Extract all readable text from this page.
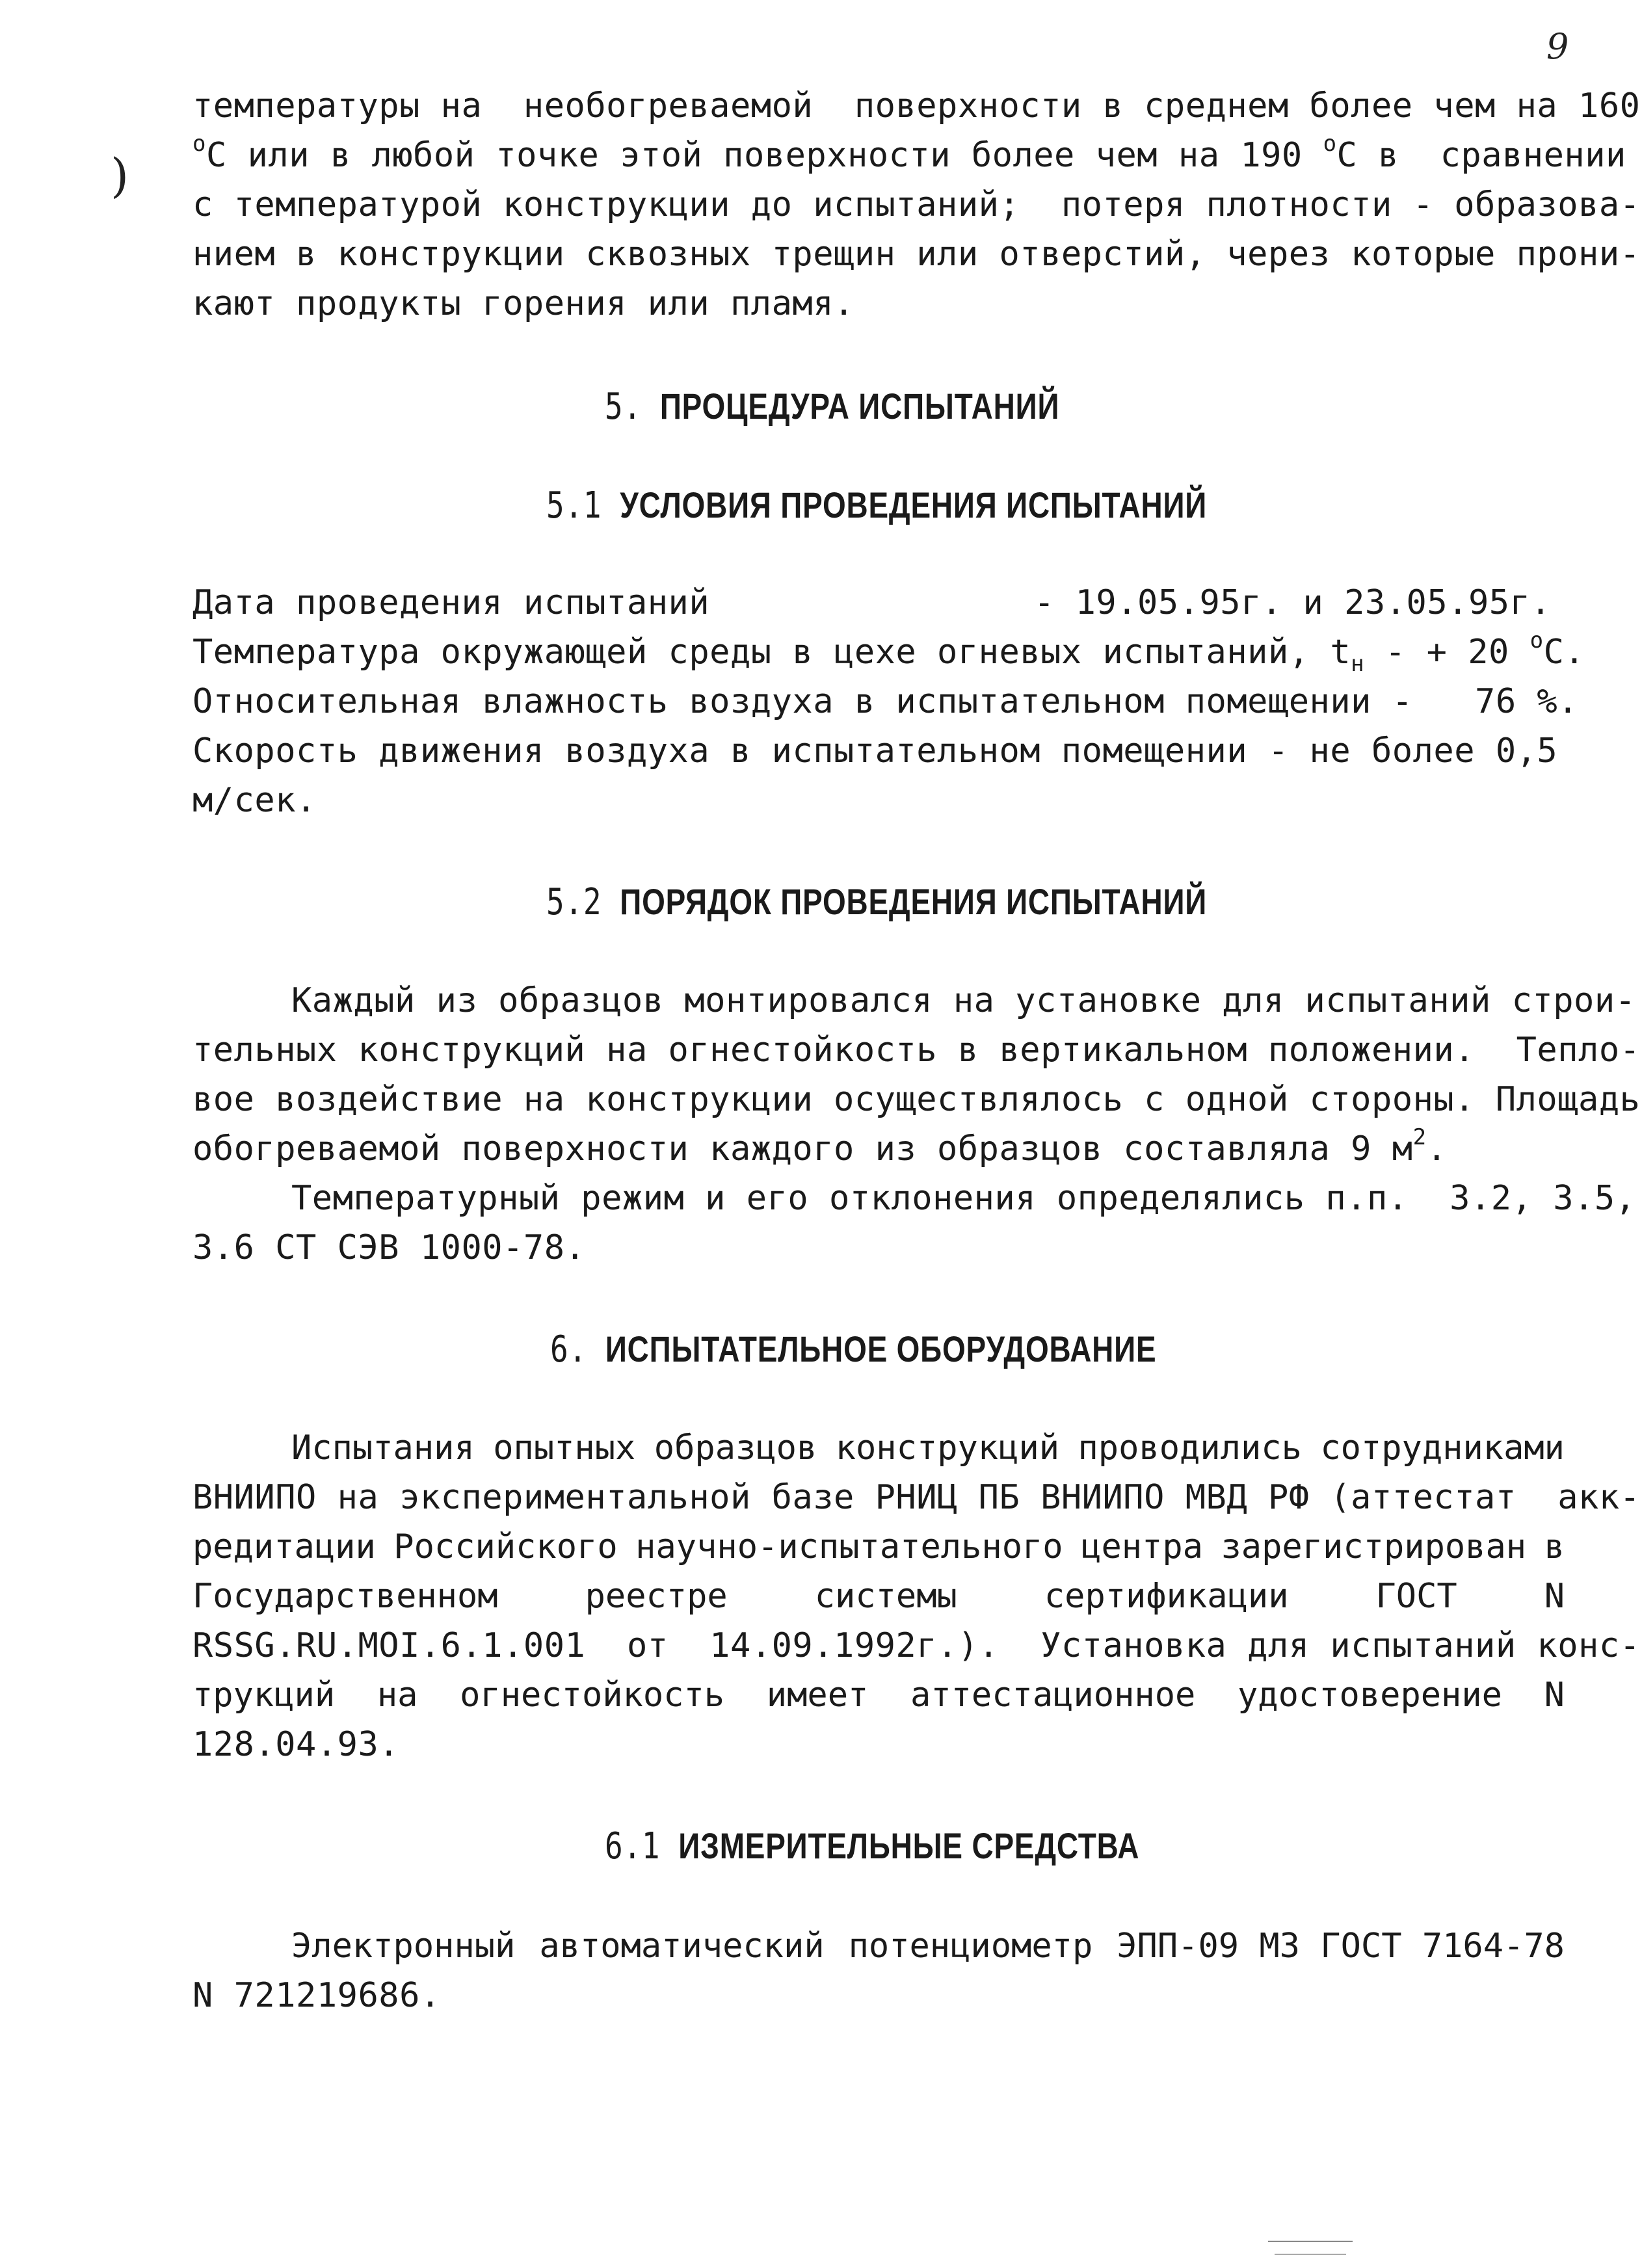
9
)
температуры на  необогреваемой  поверхности в среднем более чем на 160
$^o$С или в любой точке этой поверхности более чем на 190 $^o$С в  сравнении
с температурой конструкции до испытаний;  потеря плотности - образова-
нием в конструкции сквозных трещин или отверстий, через которые прони-
кают продукты горения или пламя.
5. ПРОЦЕДУРА ИСПЫТАНИЙ
5.1 УСЛОВИЯ ПРОВЕДЕНИЯ ИСПЫТАНИЙ
Дата проведения испытаний	- 19.05.95г. и 23.05.95г.
Температура окружающей среды в цехе огневых испытаний, $t_н$ - + 20 $^o$С.
Относительная влажность воздуха в испытательном помещении -   76 %.
Скорость движения воздуха в испытательном помещении - не более 0,5
м/сек.
5.2 ПОРЯДОК ПРОВЕДЕНИЯ ИСПЫТАНИЙ
Каждый из образцов монтировался на установке для испытаний строи-
тельных конструкций на огнестойкость в вертикальном положении.  Тепло-
вое воздействие на конструкции осуществлялось с одной стороны. Площадь
обогреваемой поверхности каждого из образцов составляла 9 $м^2$.
Температурный режим и его отклонения определялись п.п.  3.2, 3.5,
3.6 СТ СЭВ 1000-78.
6. ИСПЫТАТЕЛЬНОЕ ОБОРУДОВАНИЕ
Испытания опытных образцов конструкций проводились сотрудниками
ВНИИПО на экспериментальной базе РНИЦ ПБ ВНИИПО МВД РФ (аттестат  акк-
редитации Российского научно-испытательного центра зарегистрирован в
Государственном	реестре	системы	сертификации	ГОСТ	N
RSSG.RU.MOI.6.1.001  от  14.09.1992г.).  Установка для испытаний конс-
трукций на огнестойкость имеет аттестационное удостоверение N
128.04.93.
6.1 ИЗМЕРИТЕЛЬНЫЕ СРЕДСТВА
Электронный автоматический потенциометр ЭПП-09 МЗ ГОСТ 7164-78
N 721219686.
